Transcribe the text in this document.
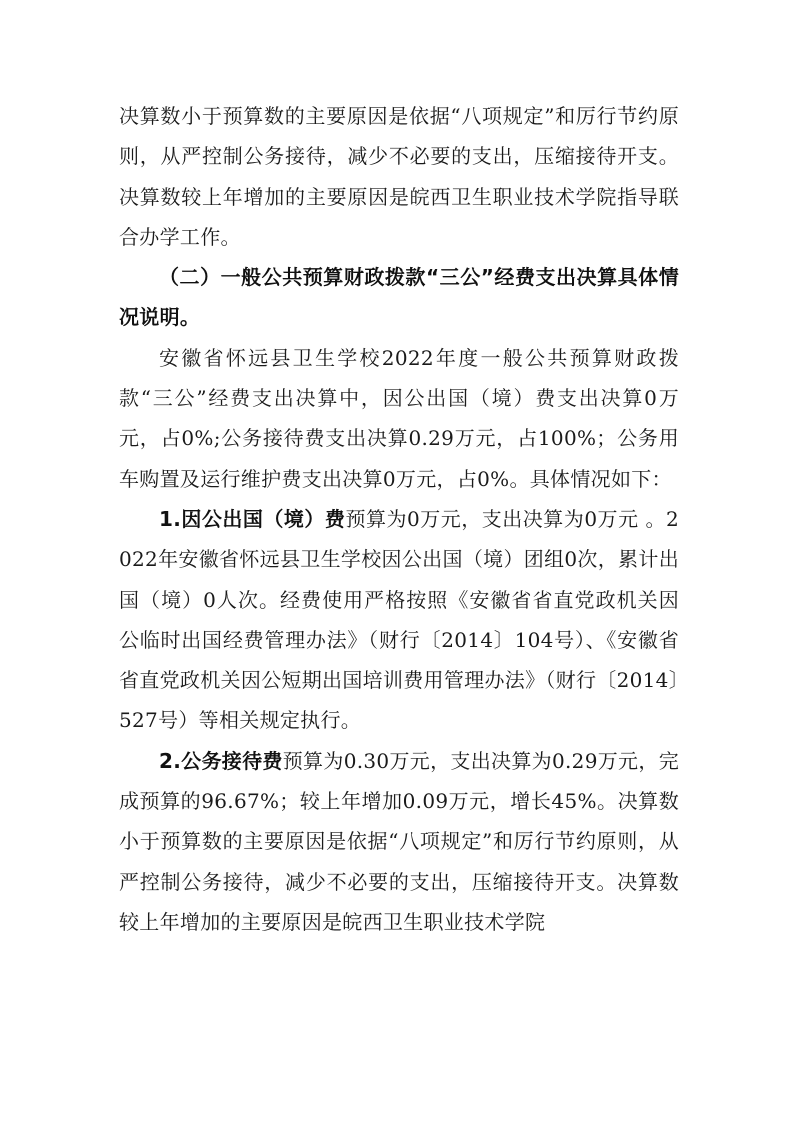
决算数小于预算数的主要原因是依据“八项规定”和厉行节约原则，从严控制公务接待，减少不必要的支出，压缩接待开支。决算数较上年增加的主要原因是皖西卫生职业技术学院指导联合办学工作。

（二）一般公共预算财政拨款“三公”经费支出决算具体情况说明。

安徽省怀远县卫生学校2022年度一般公共预算财政拨款“三公”经费支出决算中，因公出国（境）费支出决算0万元，占0%;公务接待费支出决算0.29万元，占100%；公务用车购置及运行维护费支出决算0万元，占0%。具体情况如下：

1.因公出国（境）费预算为0万元，支出决算为0万元 。2022年安徽省怀远县卫生学校因公出国（境）团组0次，累计出国（境）0人次。经费使用严格按照《安徽省省直党政机关因公临时出国经费管理办法》（财行〔2014〕104号）、《安徽省省直党政机关因公短期出国培训费用管理办法》（财行〔2014〕527号）等相关规定执行。

2.公务接待费预算为0.30万元，支出决算为0.29万元，完成预算的96.67%；较上年增加0.09万元，增长45%。决算数小于预算数的主要原因是依据“八项规定”和厉行节约原则，从严控制公务接待，减少不必要的支出，压缩接待开支。决算数较上年增加的主要原因是皖西卫生职业技术学院
